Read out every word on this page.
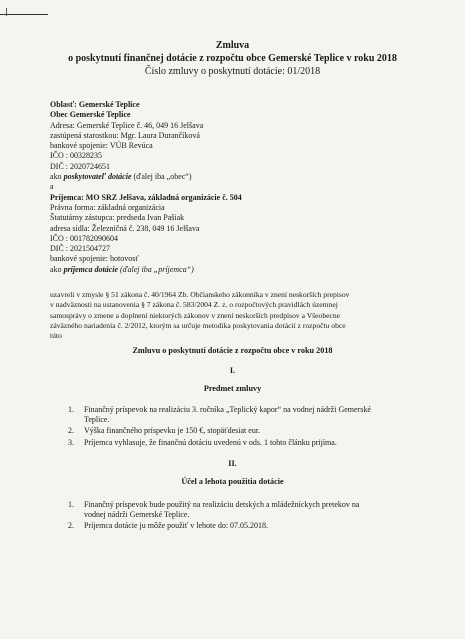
Zmluva
o poskytnutí finančnej dotácie z rozpočtu obce Gemerské Teplice v roku 2018
Číslo zmluvy o poskytnutí dotácie: 01/2018
Oblasť: Gemerské Teplice
Obec Gemerské Teplice
Adresa: Gemerské Teplice č. 46, 049 16 Jelšava
zastúpená starostkou: Mgr. Laura Durančíková
bankové spojenie: VÚB Revúca
IČO : 00328235
DIČ : 2020724651
ako poskytovateľ dotácie (ďalej iba „obec“)
a
Príjemca: MO SRZ Jelšava, základná organizácie č. 504
Právna forma: základná organizácia
Štatutárny zástupca: predseda Ivan Pašiak
adresa sídla: Železničná č. 238, 049 16 Jelšava
IČO : 001782090604
DIČ : 2021504727
bankové spojenie: hotovosť
ako príjemca dotácie (ďalej iba „príjemca“)
uzavreli v zmysle § 51 zákona č. 40/1964 Zb. Občianskeho zákonníka v znení neskorších prepisov
v nadväznosti na ustanovenia § 7 zákona č. 583/2004 Z. z. o rozpočtových pravidlách územnej
samosprávy o zmene a doplnení niektorých zákonov v znení neskorších predpisov a Všeobecne
záväzného nariadenia č. 2/2012, ktorým sa určuje metodika poskytovania dotácií z rozpočtu obce
túto
Zmluvu o poskytnutí dotácie z rozpočtu obce v roku 2018
I.
Predmet zmluvy
1. Finančný príspevok na realizáciu 3. ročníka „Teplický kapor“ na vodnej nádrži Gemerské
Teplice.
2. Výška finančného príspevku je 150 €, stopäťdesiat eur.
3. Príjemca vyhlasuje, že finančnú dotáciu uvedenú v ods. 1 tohto článku prijíma.
II.
Účel a lehota použitia dotácie
1. Finančný príspevok bude použitý na realizáciu detských a mládežníckych pretekov na
vodnej nádrži Gemerské Teplice.
2. Príjemca dotácie ju môže použiť v lehote do: 07.05.2018.
